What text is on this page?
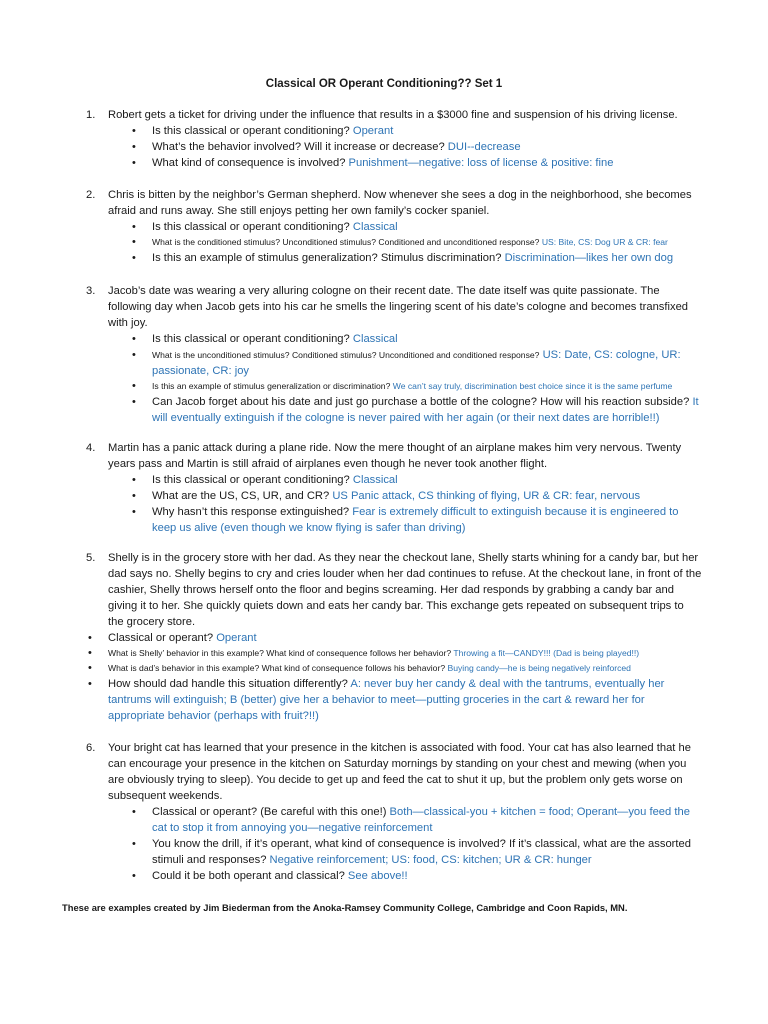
Classical OR Operant Conditioning?? Set 1
1. Robert gets a ticket for driving under the influence that results in a $3000 fine and suspension of his driving license.
• Is this classical or operant conditioning? Operant
• What’s the behavior involved? Will it increase or decrease? DUI--decrease
• What kind of consequence is involved? Punishment—negative: loss of license & positive: fine
2. Chris is bitten by the neighbor’s German shepherd. Now whenever she sees a dog in the neighborhood, she becomes afraid and runs away. She still enjoys petting her own family’s cocker spaniel.
• Is this classical or operant conditioning? Classical
• What is the conditioned stimulus? Unconditioned stimulus? Conditioned and unconditioned response? US: Bite, CS: Dog UR & CR: fear
• Is this an example of stimulus generalization? Stimulus discrimination? Discrimination—likes her own dog
3. Jacob’s date was wearing a very alluring cologne on their recent date. The date itself was quite passionate. The following day when Jacob gets into his car he smells the lingering scent of his date’s cologne and becomes transfixed with joy.
• Is this classical or operant conditioning? Classical
• What is the unconditioned stimulus? Conditioned stimulus? Unconditioned and conditioned response? US: Date, CS: cologne, UR: passionate, CR: joy
• Is this an example of stimulus generalization or discrimination? We can’t say truly, discrimination best choice since it is the same perfume
• Can Jacob forget about his date and just go purchase a bottle of the cologne? How will his reaction subside? It will eventually extinguish if the cologne is never paired with her again (or their next dates are horrible!!)
4. Martin has a panic attack during a plane ride. Now the mere thought of an airplane makes him very nervous. Twenty years pass and Martin is still afraid of airplanes even though he never took another flight.
• Is this classical or operant conditioning? Classical
• What are the US, CS, UR, and CR? US Panic attack, CS thinking of flying, UR & CR: fear, nervous
• Why hasn’t this response extinguished? Fear is extremely difficult to extinguish because it is engineered to keep us alive (even though we know flying is safer than driving)
5. Shelly is in the grocery store with her dad. As they near the checkout lane, Shelly starts whining for a candy bar, but her dad says no. Shelly begins to cry and cries louder when her dad continues to refuse. At the checkout lane, in front of the cashier, Shelly throws herself onto the floor and begins screaming. Her dad responds by grabbing a candy bar and giving it to her. She quickly quiets down and eats her candy bar. This exchange gets repeated on subsequent trips to the grocery store.
• Classical or operant? Operant
• What is Shelly’ behavior in this example? What kind of consequence follows her behavior? Throwing a fit—CANDY!!! (Dad is being played!!)
• What is dad’s behavior in this example? What kind of consequence follows his behavior? Buying candy—he is being negatively reinforced
• How should dad handle this situation differently? A: never buy her candy & deal with the tantrums, eventually her tantrums will extinguish; B (better) give her a behavior to meet—putting groceries in the cart & reward her for appropriate behavior (perhaps with fruit?!!)
6. Your bright cat has learned that your presence in the kitchen is associated with food. Your cat has also learned that he can encourage your presence in the kitchen on Saturday mornings by standing on your chest and mewing (when you are obviously trying to sleep). You decide to get up and feed the cat to shut it up, but the problem only gets worse on subsequent weekends.
• Classical or operant? (Be careful with this one!) Both—classical-you + kitchen = food; Operant—you feed the cat to stop it from annoying you—negative reinforcement
• You know the drill, if it’s operant, what kind of consequence is involved? If it’s classical, what are the assorted stimuli and responses? Negative reinforcement; US: food, CS: kitchen; UR & CR: hunger
• Could it be both operant and classical? See above!!
These are examples created by Jim Biederman from the Anoka-Ramsey Community College, Cambridge and Coon Rapids, MN.
